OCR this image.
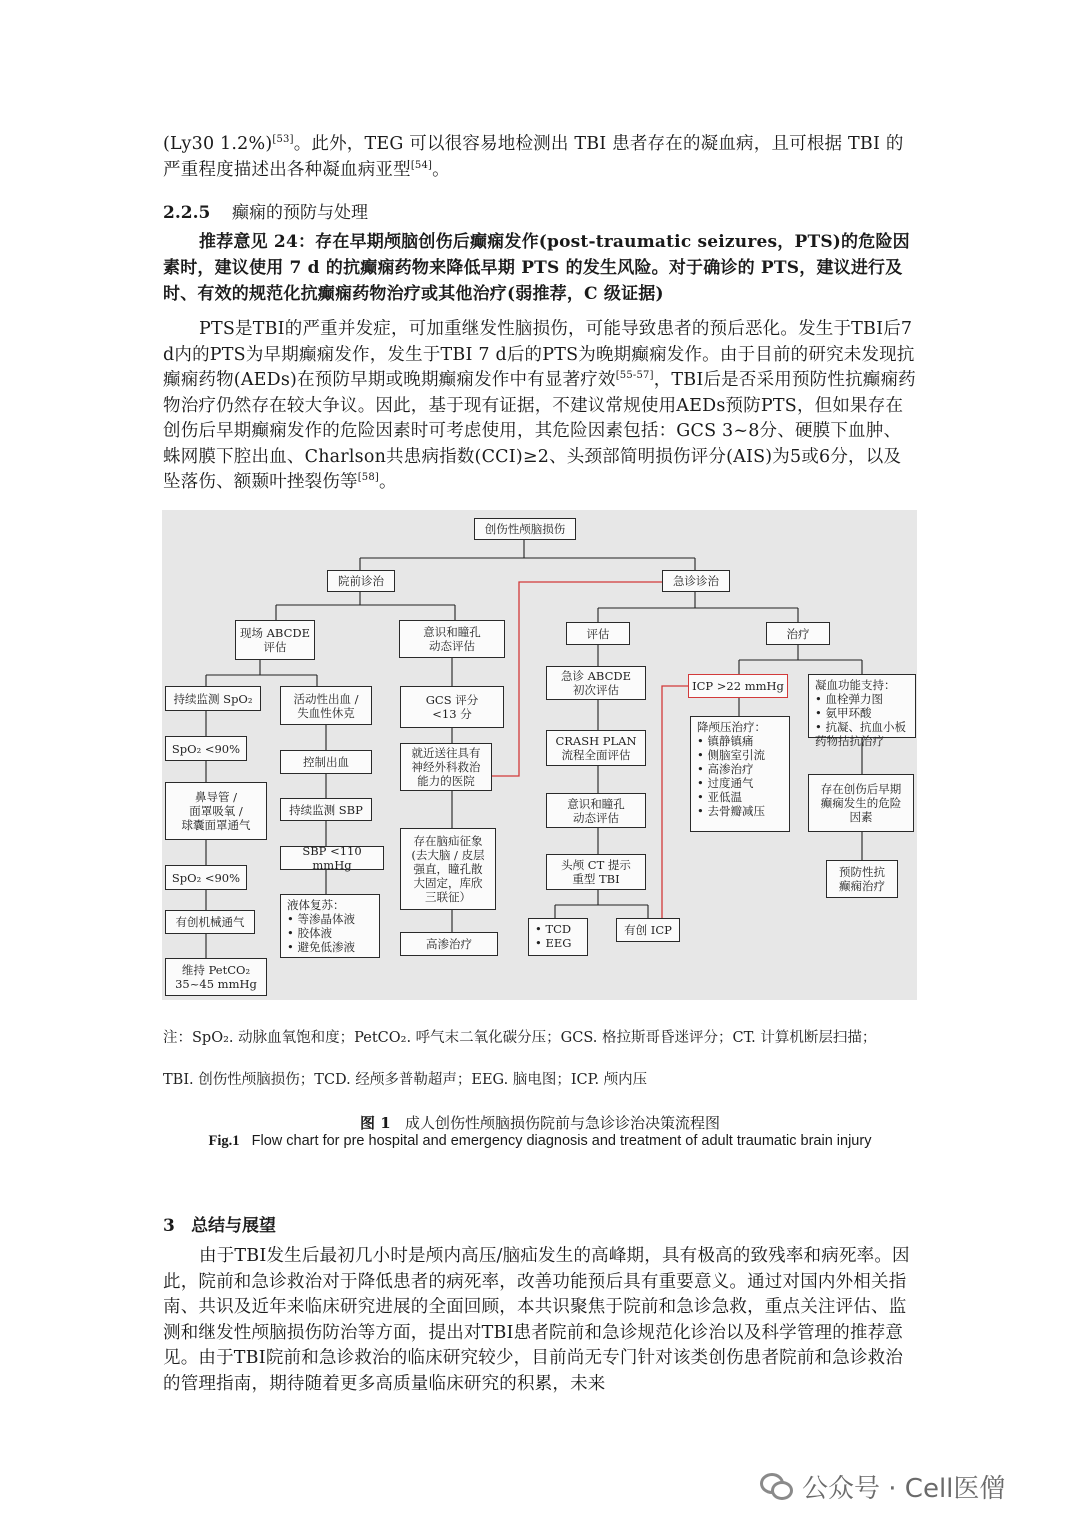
(Ly30 1.2%)[53]。此外，TEG 可以很容易地检测出 TBI 患者存在的凝血病，且可根据 TBI 的严重程度描述出各种凝血病亚型[54]。
2.2.5 癫痫的预防与处理
推荐意见 24：存在早期颅脑创伤后癫痫发作(post-traumatic seizures，PTS)的危险因素时，建议使用 7 d 的抗癫痫药物来降低早期 PTS 的发生风险。对于确诊的 PTS，建议进行及时、有效的规范化抗癫痫药物治疗或其他治疗(弱推荐，C 级证据)
PTS是TBI的严重并发症，可加重继发性脑损伤，可能导致患者的预后恶化。发生于TBI后7 d内的PTS为早期癫痫发作，发生于TBI 7 d后的PTS为晚期癫痫发作。由于目前的研究未发现抗癫痫药物(AEDs)在预防早期或晚期癫痫发作中有显著疗效[55-57]，TBI后是否采用预防性抗癫痫药物治疗仍然存在较大争议。因此，基于现有证据，不建议常规使用AEDs预防PTS，但如果存在创伤后早期癫痫发作的危险因素时可考虑使用，其危险因素包括：GCS 3~8分、硬膜下血肿、蛛网膜下腔出血、Charlson共患病指数(CCI)≥2、头颈部简明损伤评分(AIS)为5或6分，以及坠落伤、额颞叶挫裂伤等[58]。
创伤性颅脑损伤
院前诊治	急诊诊治
现场 ABCDE
评估
意识和瞳孔
动态评估
持续监测 SpO₂	活动性出血 /
失血性休克
GCS 评分
<13 分
SpO₂ <90%
控制出血
就近送往具有
神经外科救治
能力的医院
鼻导管 /
面罩吸氧 /
球囊面罩通气
持续监测 SBP
存在脑疝征象
(去大脑 / 皮层
强直，瞳孔散
大固定，库欣
三联征）
SpO₂ <90%
SBP <110 mmHg
有创机械通气
液体复苏：
• 等渗晶体液
• 胶体液
• 避免低渗液	高渗治疗
维持 PetCO₂
35~45 mmHg
评估	治疗
急诊 ABCDE
初次评估	ICP >22 mmHg	凝血功能支持：
• 血栓弹力图
• 氨甲环酸
• 抗凝、抗血小板
药物拮抗治疗
CRASH PLAN
流程全面评估
降颅压治疗：
• 镇静镇痛
• 侧脑室引流
• 高渗治疗
• 过度通气
• 亚低温
• 去骨瓣减压
意识和瞳孔
动态评估
存在创伤后早期
癫痫发生的危险
因素
头颅 CT 提示
重型 TBI	预防性抗
癫痫治疗
• TCD
• EEG
有创 ICP
注：SpO₂. 动脉血氧饱和度；PetCO₂. 呼气末二氧化碳分压；GCS. 格拉斯哥昏迷评分；CT. 计算机断层扫描；
TBI. 创伤性颅脑损伤；TCD. 经颅多普勒超声；EEG. 脑电图；ICP. 颅内压
图 1 成人创伤性颅脑损伤院前与急诊诊治决策流程图
Fig.1 Flow chart for pre hospital and emergency diagnosis and treatment of adult traumatic brain injury
3 总结与展望
由于TBI发生后最初几小时是颅内高压/脑疝发生的高峰期，具有极高的致残率和病死率。因此，院前和急诊救治对于降低患者的病死率，改善功能预后具有重要意义。通过对国内外相关指南、共识及近年来临床研究进展的全面回顾，本共识聚焦于院前和急诊急救，重点关注评估、监测和继发性颅脑损伤防治等方面，提出对TBI患者院前和急诊规范化诊治以及科学管理的推荐意见。由于TBI院前和急诊救治的临床研究较少，目前尚无专门针对该类创伤患者院前和急诊救治的管理指南，期待随着更多高质量临床研究的积累，未来
公众号 · Cell医僧
